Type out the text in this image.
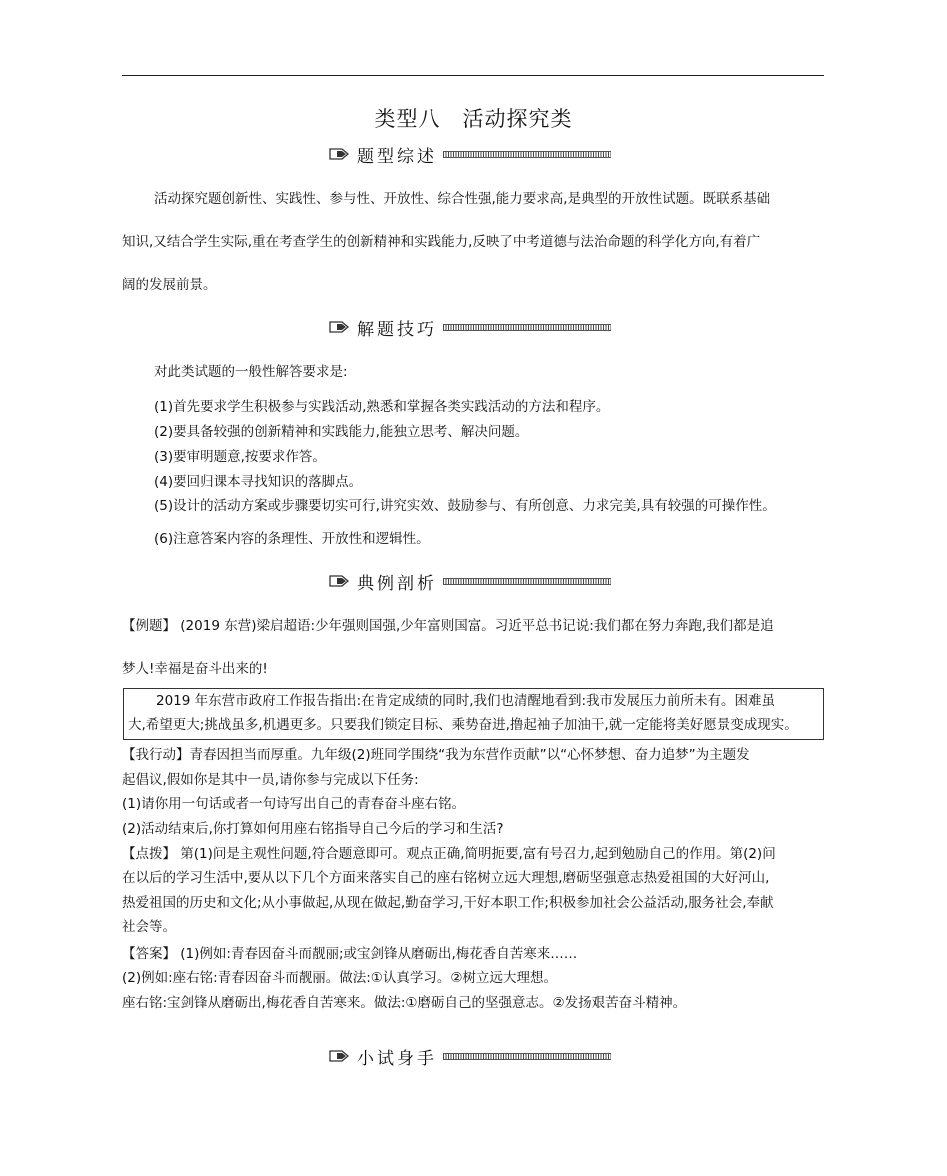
类型八　活动探究类
题型综述
活动探究题创新性、实践性、参与性、开放性、综合性强,能力要求高,是典型的开放性试题。既联系基础
知识,又结合学生实际,重在考查学生的创新精神和实践能力,反映了中考道德与法治命题的科学化方向,有着广
阔的发展前景。
解题技巧
对此类试题的一般性解答要求是:
(1)首先要求学生积极参与实践活动,熟悉和掌握各类实践活动的方法和程序。
(2)要具备较强的创新精神和实践能力,能独立思考、解决问题。
(3)要审明题意,按要求作答。
(4)要回归课本寻找知识的落脚点。
(5)设计的活动方案或步骤要切实可行,讲究实效、鼓励参与、有所创意、力求完美,具有较强的可操作性。
(6)注意答案内容的条理性、开放性和逻辑性。
典例剖析
【例题】 (2019 东营)梁启超语:少年强则国强,少年富则国富。习近平总书记说:我们都在努力奔跑,我们都是追
梦人!幸福是奋斗出来的!
2019 年东营市政府工作报告指出:在肯定成绩的同时,我们也清醒地看到:我市发展压力前所未有。困难虽
大,希望更大;挑战虽多,机遇更多。只要我们锁定目标、乘势奋进,撸起袖子加油干,就一定能将美好愿景变成现实。
【我行动】青春因担当而厚重。九年级(2)班同学围绕“我为东营作贡献”以“心怀梦想、奋力追梦”为主题发
起倡议,假如你是其中一员,请你参与完成以下任务:
(1)请你用一句话或者一句诗写出自己的青春奋斗座右铭。
(2)活动结束后,你打算如何用座右铭指导自己今后的学习和生活?
【点拨】 第(1)问是主观性问题,符合题意即可。观点正确,简明扼要,富有号召力,起到勉励自己的作用。第(2)问
在以后的学习生活中,要从以下几个方面来落实自己的座右铭树立远大理想,磨砺坚强意志热爱祖国的大好河山,
热爱祖国的历史和文化;从小事做起,从现在做起,勤奋学习,干好本职工作;积极参加社会公益活动,服务社会,奉献
社会等。
【答案】 (1)例如:青春因奋斗而靓丽;或宝剑锋从磨砺出,梅花香自苦寒来……
(2)例如:座右铭:青春因奋斗而靓丽。做法:①认真学习。②树立远大理想。
座右铭:宝剑锋从磨砺出,梅花香自苦寒来。做法:①磨砺自己的坚强意志。②发扬艰苦奋斗精神。
小试身手
